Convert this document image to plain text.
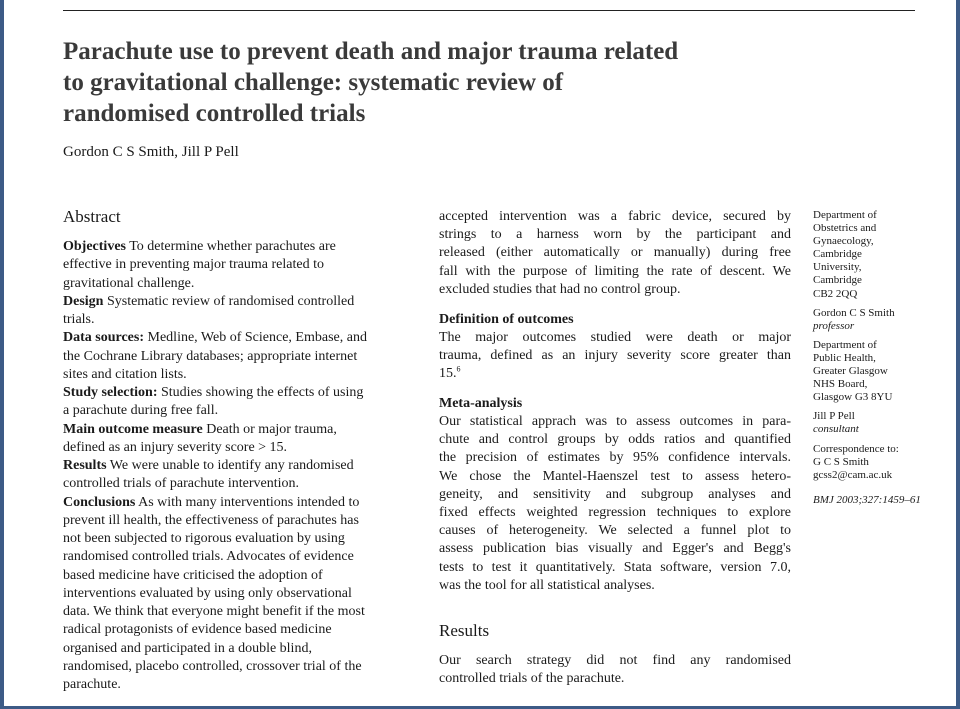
Parachute use to prevent death and major trauma related
to gravitational challenge: systematic review of
randomised controlled trials
Gordon C S Smith, Jill P Pell
Abstract
Objectives To determine whether parachutes are
effective in preventing major trauma related to
gravitational challenge.
Design Systematic review of randomised controlled
trials.
Data sources: Medline, Web of Science, Embase, and
the Cochrane Library databases; appropriate internet
sites and citation lists.
Study selection: Studies showing the effects of using
a parachute during free fall.
Main outcome measure Death or major trauma,
defined as an injury severity score > 15.
Results We were unable to identify any randomised
controlled trials of parachute intervention.
Conclusions As with many interventions intended to
prevent ill health, the effectiveness of parachutes has
not been subjected to rigorous evaluation by using
randomised controlled trials. Advocates of evidence
based medicine have criticised the adoption of
interventions evaluated by using only observational
data. We think that everyone might benefit if the most
radical protagonists of evidence based medicine
organised and participated in a double blind,
randomised, placebo controlled, crossover trial of the
parachute.
accepted intervention was a fabric device, secured by
strings to a harness worn by the participant and
released (either automatically or manually) during free
fall with the purpose of limiting the rate of descent. We
excluded studies that had no control group.
Definition of outcomes
The major outcomes studied were death or major
trauma, defined as an injury severity score greater than
15.$^6$
Meta-analysis
Our statistical apprach was to assess outcomes in para-
chute and control groups by odds ratios and quantified
the precision of estimates by 95% confidence intervals.
We chose the Mantel-Haenszel test to assess hetero-
geneity, and sensitivity and subgroup analyses and
fixed effects weighted regression techniques to explore
causes of heterogeneity. We selected a funnel plot to
assess publication bias visually and Egger's and Begg's
tests to test it quantitatively. Stata software, version 7.0,
was the tool for all statistical analyses.
Results
Our search strategy did not find any randomised
controlled trials of the parachute.
Department of
Obstetrics and
Gynaecology,
Cambridge
University,
Cambridge
CB2 2QQ
Gordon C S Smith
professor
Department of
Public Health,
Greater Glasgow
NHS Board,
Glasgow G3 8YU
Jill P Pell
consultant
Correspondence to:
G C S Smith
gcss2@cam.ac.uk
BMJ 2003;327:1459–61
